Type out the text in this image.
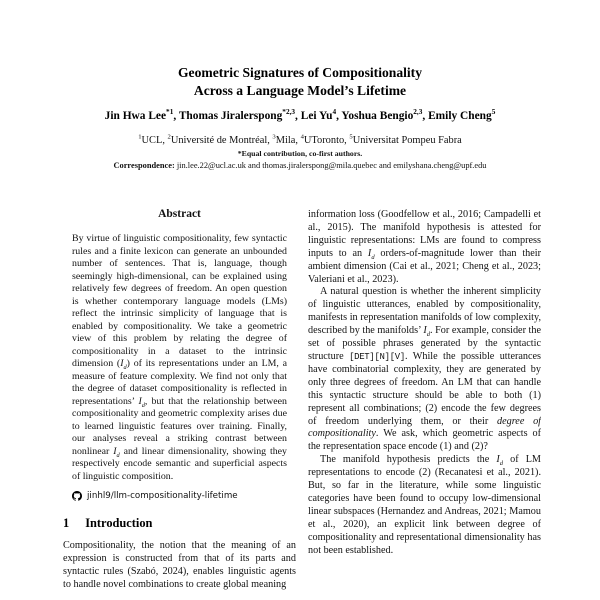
Geometric Signatures of Compositionality
Across a Language Model’s Lifetime
Jin Hwa Lee$^{*1}$, Thomas Jiralerspong$^{*2,3}$, Lei Yu$^4$, Yoshua Bengio$^{2,3}$, Emily Cheng$^5$
$^1$UCL, $^2$Université de Montréal, $^3$Mila, $^4$UToronto, $^5$Universitat Pompeu Fabra
*Equal contribution, co-first authors.
Correspondence: jin.lee.22@ucl.ac.uk and thomas.jiralerspong@mila.quebec and emilyshana.cheng@upf.edu
Abstract

By virtue of linguistic compositionality, few syntactic rules and a finite lexicon can generate an unbounded number of sentences. That is, language, though seemingly high-dimensional, can be explained using relatively few degrees of freedom. An open question is whether contemporary language models (LMs) reflect the intrinsic simplicity of language that is enabled by compositionality. We take a geometric view of this problem by relating the degree of compositionality in a dataset to the intrinsic dimension $(I_d)$ of its representations under an LM, a measure of feature complexity. We find not only that the degree of dataset compositionality is reflected in representations’ $I_d$, but that the relationship between compositionality and geometric complexity arises due to learned linguistic features over training. Finally, our analyses reveal a striking contrast between nonlinear $I_d$ and linear dimensionality, showing they respectively encode semantic and superficial aspects of linguistic composition.

jinhl9/llm-compositionality-lifetime
1 Introduction

Compositionality, the notion that the meaning of an expression is constructed from that of its parts and syntactic rules (Szabó, 2024), enables linguistic agents to handle novel combinations to create global meaning

information loss (Goodfellow et al., 2016; Campadelli et al., 2015). The manifold hypothesis is attested for linguistic representations: LMs are found to compress inputs to an $I_d$ orders-of-magnitude lower than their ambient dimension (Cai et al., 2021; Cheng et al., 2023; Valeriani et al., 2023).

A natural question is whether the inherent simplicity of linguistic utterances, enabled by compositionality, manifests in representation manifolds of low complexity, described by the manifolds’ $I_d$. For example, consider the set of possible phrases generated by the syntactic structure [DET][N][V]. While the possible utterances have combinatorial complexity, they are generated by only three degrees of freedom. An LM that can handle this syntactic structure should be able to both (1) represent all combinations; (2) encode the few degrees of freedom underlying them, or their degree of compositionality. We ask, which geometric aspects of the representation space encode (1) and (2)?

The manifold hypothesis predicts the $I_d$ of LM representations to encode (2) (Recanatesi et al., 2021). But, so far in the literature, while some linguistic categories have been found to occupy low-dimensional linear subspaces (Hernandez and Andreas, 2021; Mamou et al., 2020), an explicit link between degree of compositionality and representational dimensionality has not been established.
